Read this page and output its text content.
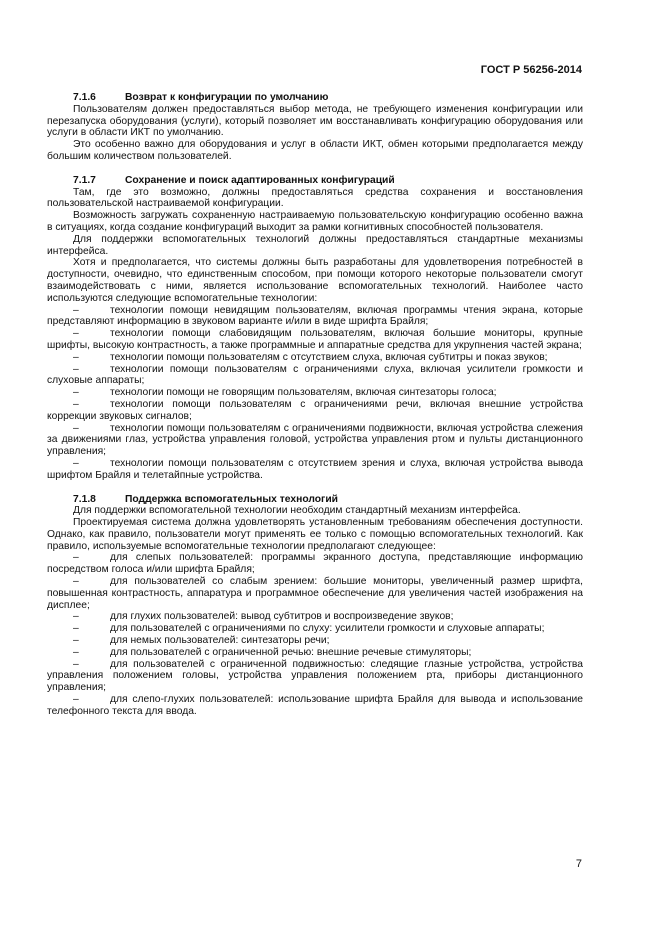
ГОСТ Р 56256-2014
7.1.6	Возврат к конфигурации по умолчанию

Пользователям должен предоставляться выбор метода, не требующего изменения конфигурации или перезапуска оборудования (услуги), который позволяет им восстанавливать конфигурацию оборудования или услуги в области ИКТ по умолчанию.

Это особенно важно для оборудования и услуг в области ИКТ, обмен которыми предполагается между большим количеством пользователей.

7.1.7	Сохранение и поиск адаптированных конфигураций

Там, где это возможно, должны предоставляться средства сохранения и восстановления пользовательской настраиваемой конфигурации.

Возможность загружать сохраненную настраиваемую пользовательскую конфигурацию особенно важна в ситуациях, когда создание конфигураций выходит за рамки когнитивных способностей пользователя.

Для поддержки вспомогательных технологий должны предоставляться стандартные механизмы интерфейса.

Хотя и предполагается, что системы должны быть разработаны для удовлетворения потребностей в доступности, очевидно, что единственным способом, при помощи которого некоторые пользователи смогут взаимодействовать с ними, является использование вспомогательных технологий. Наиболее часто используются следующие вспомогательные технологии:

–	технологии помощи невидящим пользователям, включая программы чтения экрана, которые представляют информацию в звуковом варианте и/или в виде шрифта Брайля;

–	технологии помощи слабовидящим пользователям, включая большие мониторы, крупные шрифты, высокую контрастность, а также программные и аппаратные средства для укрупнения частей экрана;

–	технологии помощи пользователям с отсутствием слуха, включая субтитры и показ звуков;

–	технологии помощи пользователям с ограничениями слуха, включая усилители громкости и слуховые аппараты;

–	технологии помощи не говорящим пользователям, включая синтезаторы голоса;

–	технологии помощи пользователям с ограничениями речи, включая внешние устройства коррекции звуковых сигналов;

–	технологии помощи пользователям с ограничениями подвижности, включая устройства слежения за движениями глаз, устройства управления головой, устройства управления ртом и пульты дистанционного управления;

–	технологии помощи пользователям с отсутствием зрения и слуха, включая устройства вывода шрифтом Брайля и телетайпные устройства.

7.1.8	Поддержка вспомогательных технологий

Для поддержки вспомогательной технологии необходим стандартный механизм интерфейса.

Проектируемая система должна удовлетворять установленным требованиям обеспечения доступности. Однако, как правило, пользователи могут применять ее только с помощью вспомогательных технологий. Как правило, используемые вспомогательные технологии предполагают следующее:

–	для слепых пользователей: программы экранного доступа, представляющие информацию посредством голоса и/или шрифта Брайля;

–	для пользователей со слабым зрением: большие мониторы, увеличенный размер шрифта, повышенная контрастность, аппаратура и программное обеспечение для увеличения частей изображения на дисплее;

–	для глухих пользователей: вывод субтитров и воспроизведение звуков;

–	для пользователей с ограничениями по слуху: усилители громкости и слуховые аппараты;

–	для немых пользователей: синтезаторы речи;

–	для пользователей с ограниченной речью: внешние речевые стимуляторы;

–	для пользователей с ограниченной подвижностью: следящие глазные устройства, устройства управления положением головы, устройства управления положением рта, приборы дистанционного управления;

–	для слепо-глухих пользователей: использование шрифта Брайля для вывода и использование телефонного текста для ввода.

7
